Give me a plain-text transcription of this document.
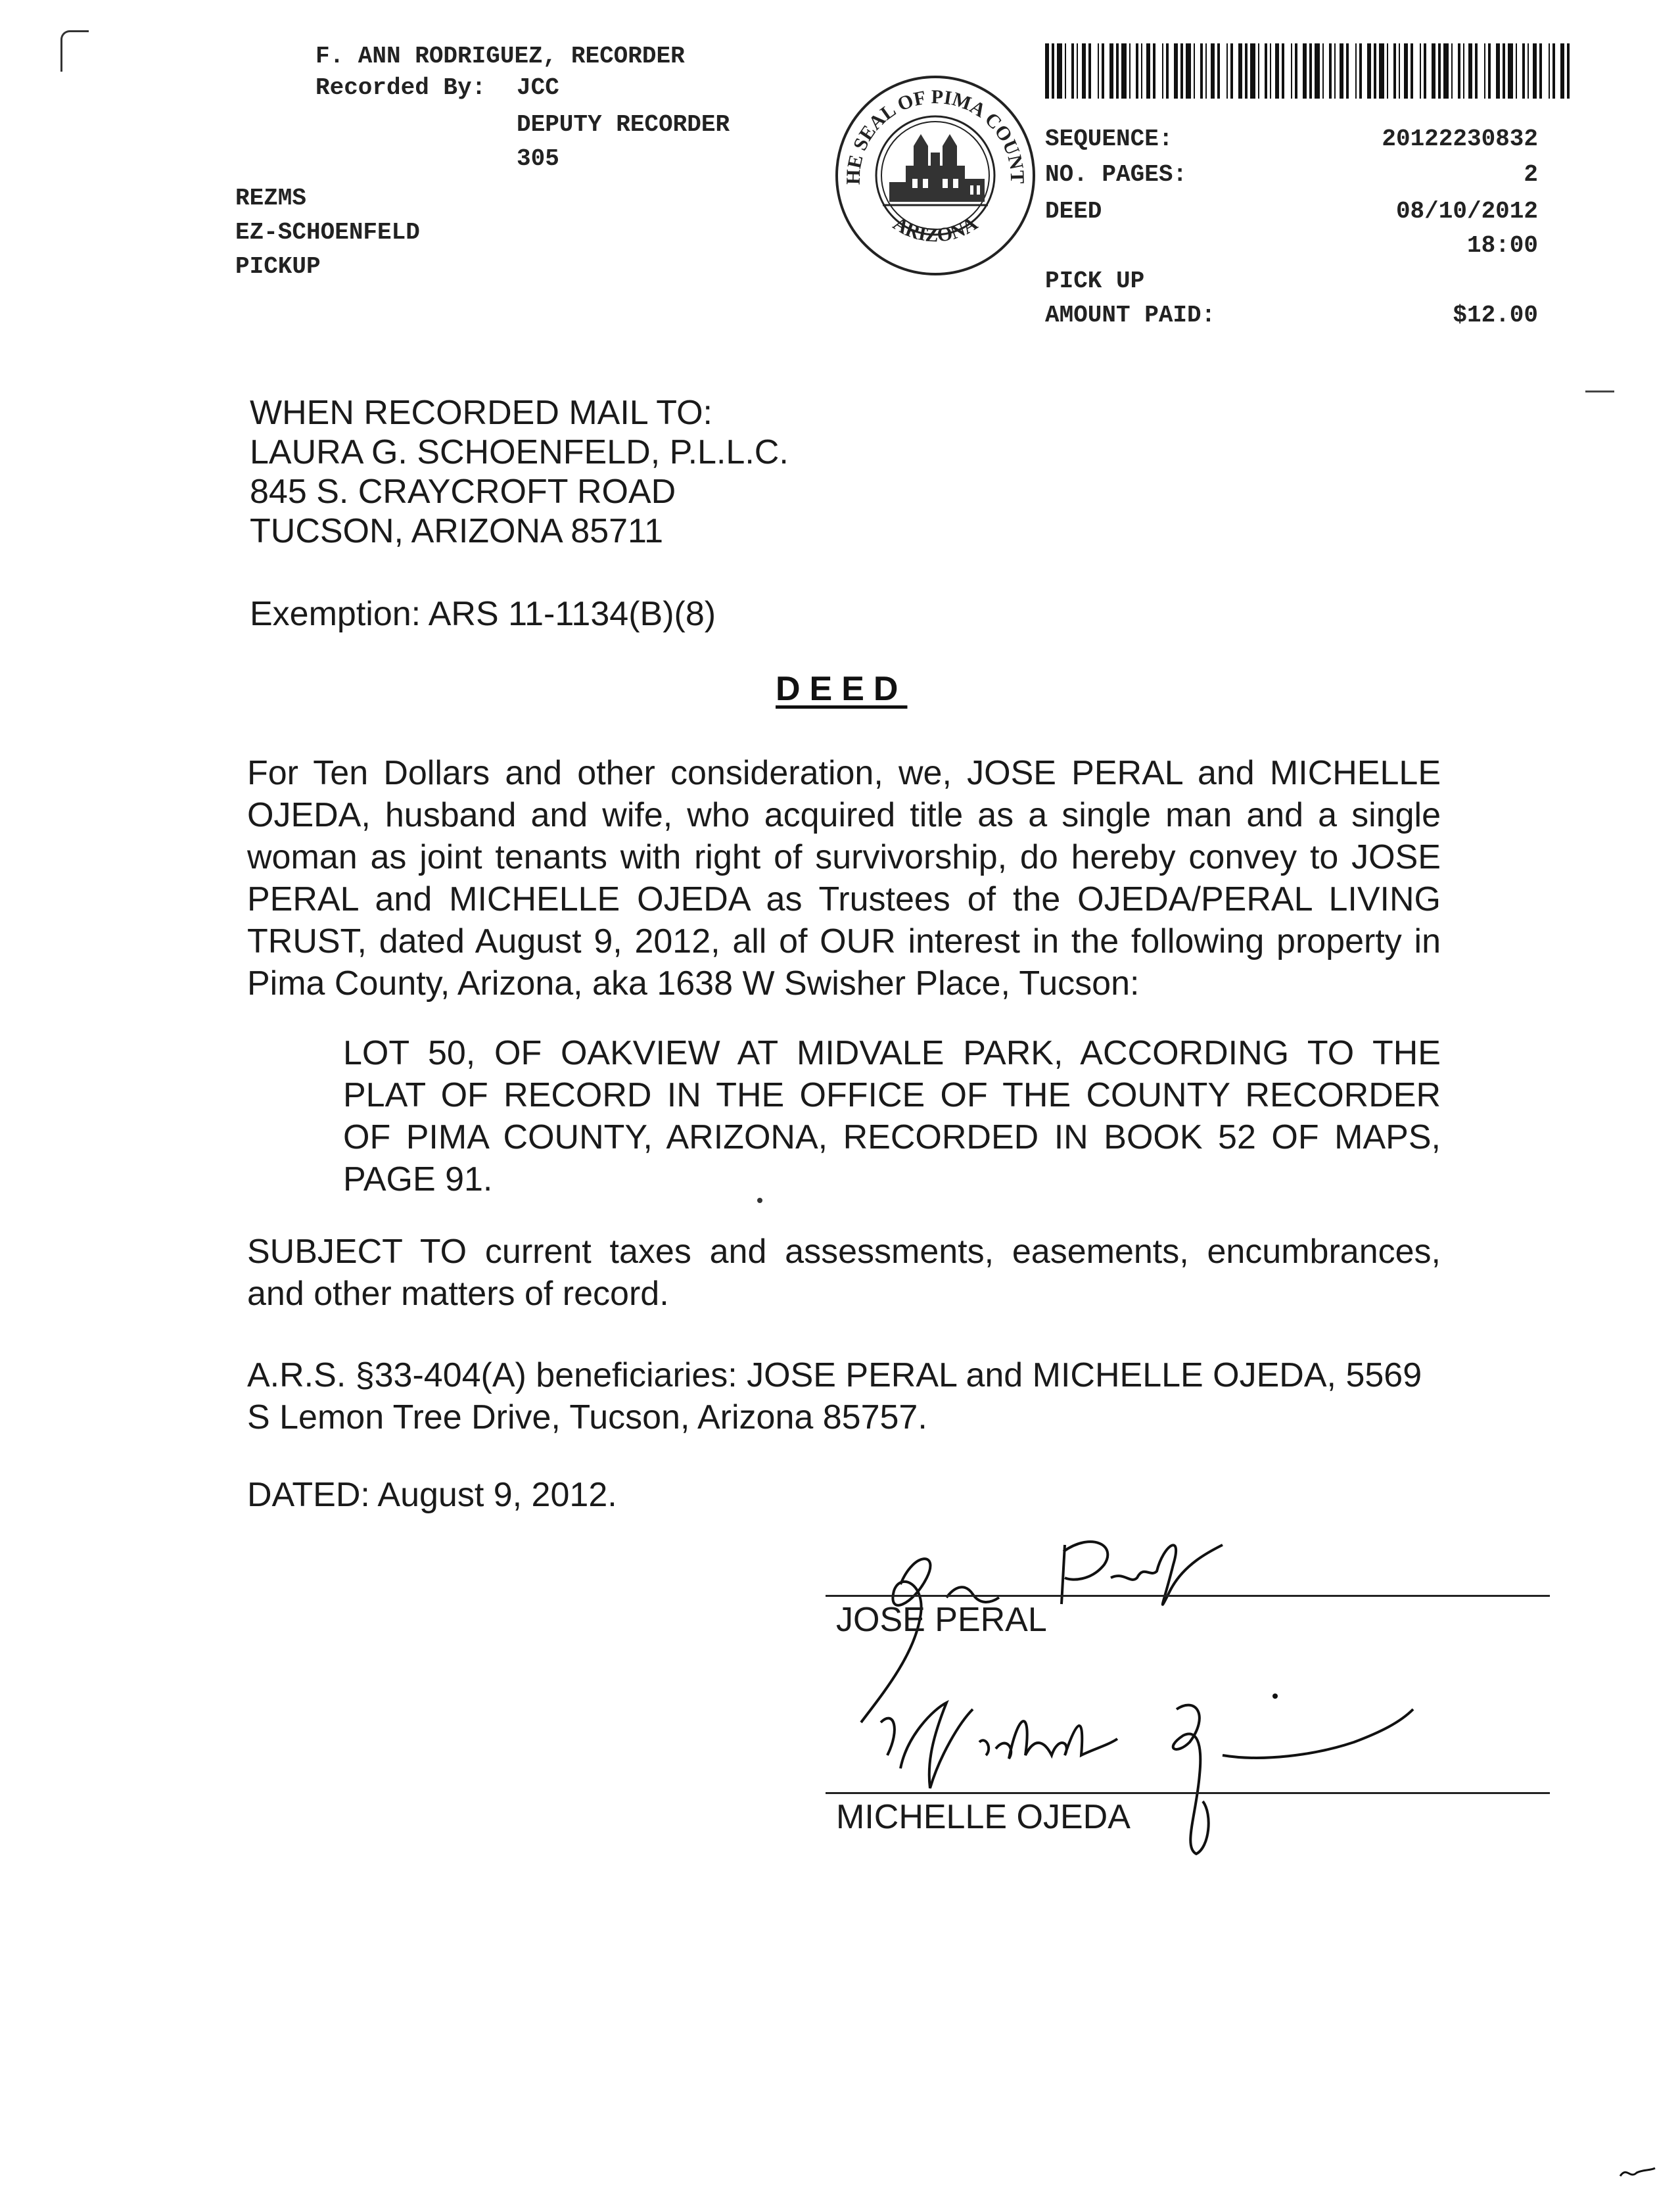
F. ANN RODRIGUEZ, RECORDER
Recorded By: JCC
DEPUTY RECORDER
305
REZMS
EZ-SCHOENFELD
PICKUP
HE SEAL OF PIMA COUNT
ARIZONA
SEQUENCE:	20122230832
NO. PAGES:	2
DEED	08/10/2012
18:00
PICK UP
AMOUNT PAID:	$12.00
WHEN RECORDED MAIL TO:
LAURA G. SCHOENFELD, P.L.L.C.
845 S. CRAYCROFT ROAD
TUCSON, ARIZONA 85711
Exemption: ARS 11-1134(B)(8)
DEED
For Ten Dollars and other consideration, we, JOSE PERAL and MICHELLE OJEDA, husband and wife, who acquired title as a single man and a single woman as joint tenants with right of survivorship, do hereby convey to JOSE PERAL and MICHELLE OJEDA as Trustees of the OJEDA/PERAL LIVING TRUST, dated August 9, 2012, all of OUR interest in the following property in Pima County, Arizona, aka 1638 W Swisher Place, Tucson:
LOT 50, OF OAKVIEW AT MIDVALE PARK, ACCORDING TO THE PLAT OF RECORD IN THE OFFICE OF THE COUNTY RECORDER OF PIMA COUNTY, ARIZONA, RECORDED IN BOOK 52 OF MAPS, PAGE 91.
SUBJECT TO current taxes and assessments, easements, encumbrances, and other matters of record.
A.R.S. §33-404(A) beneficiaries: JOSE PERAL and MICHELLE OJEDA, 5569 S Lemon Tree Drive, Tucson, Arizona 85757.
DATED: August 9, 2012.
JOSE PERAL
MICHELLE OJEDA
